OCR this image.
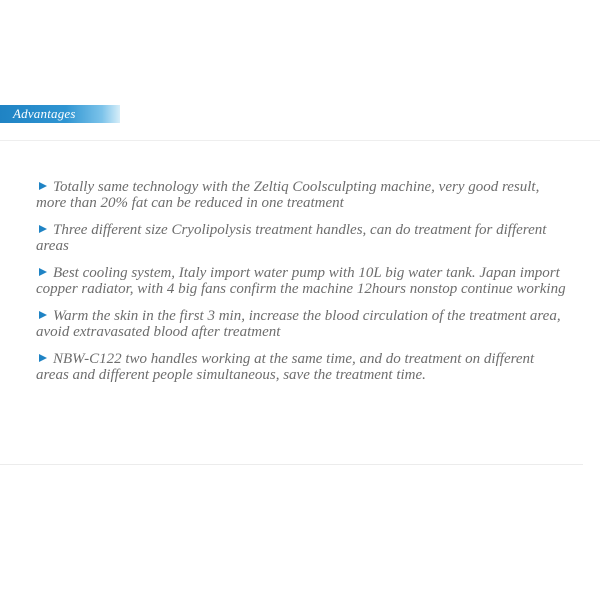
Advantages
Totally same technology with the Zeltiq Coolsculpting machine, very good result, more than 20% fat can be reduced in one treatment
Three different size Cryolipolysis treatment handles, can do treatment for different areas
Best cooling system, Italy import water pump with 10L big water tank. Japan import copper radiator, with 4 big fans confirm the machine 12hours nonstop continue working
Warm the skin in the first 3 min, increase the blood circulation of the treatment area, avoid extravasated blood after treatment
NBW-C122 two handles working at the same time, and do treatment on different areas and different people simultaneous, save the treatment time.
